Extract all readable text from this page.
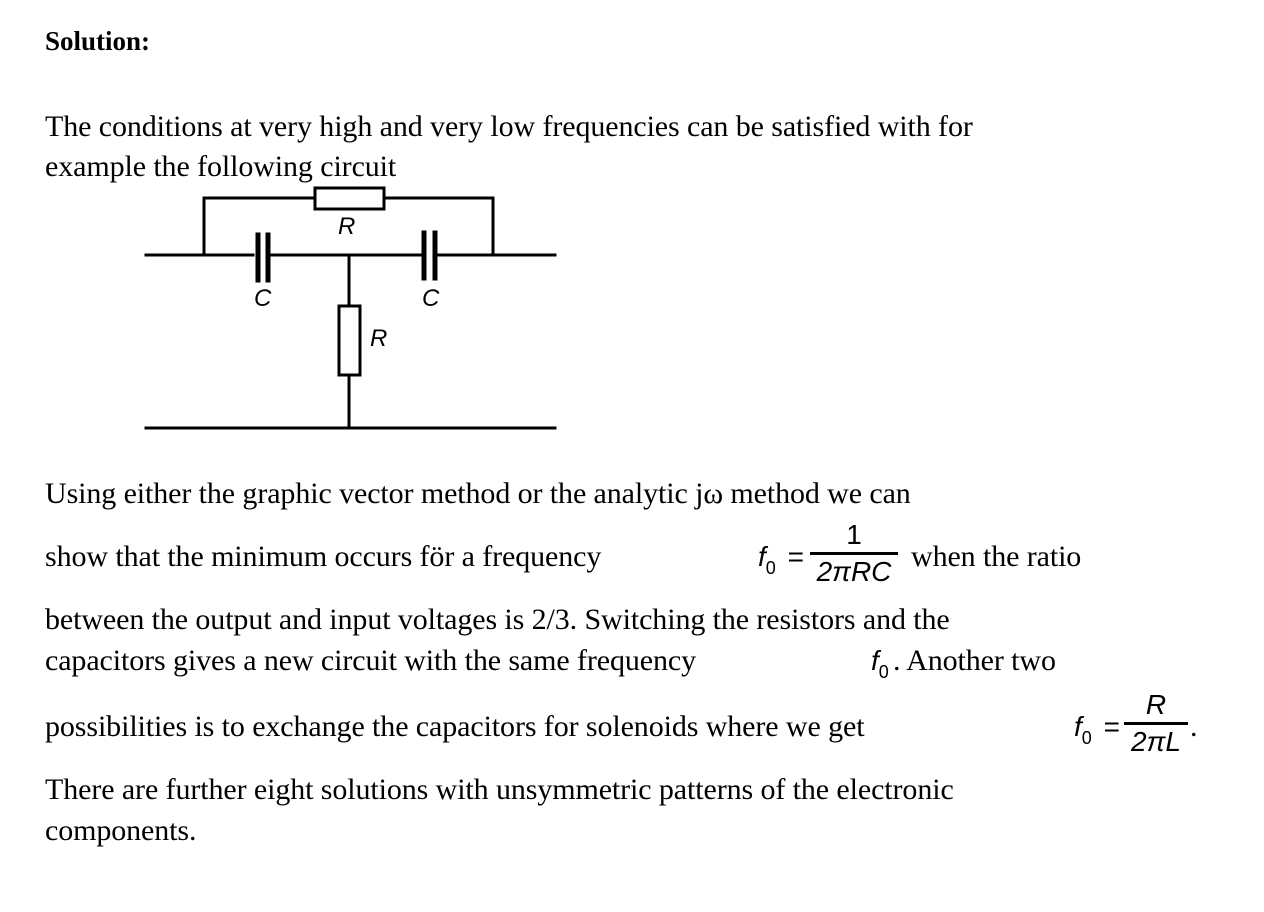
Solution:
The conditions at very high and very low frequencies can be satisfied with for
example the following circuit
R
C	C
R
Using either the graphic vector method or the analytic jω method we can
show that the minimum occurs för a frequency	$f_0$ =
1
2πRC when the ratio
between the output and input voltages is 2/3. Switching the resistors and the
capacitors gives a new circuit with the same frequency	$f_0$ . Another two
possibilities is to exchange the capacitors for solenoids where we get	$f_0$ =
R
2πL .
There are further eight solutions with unsymmetric patterns of the electronic
components.
